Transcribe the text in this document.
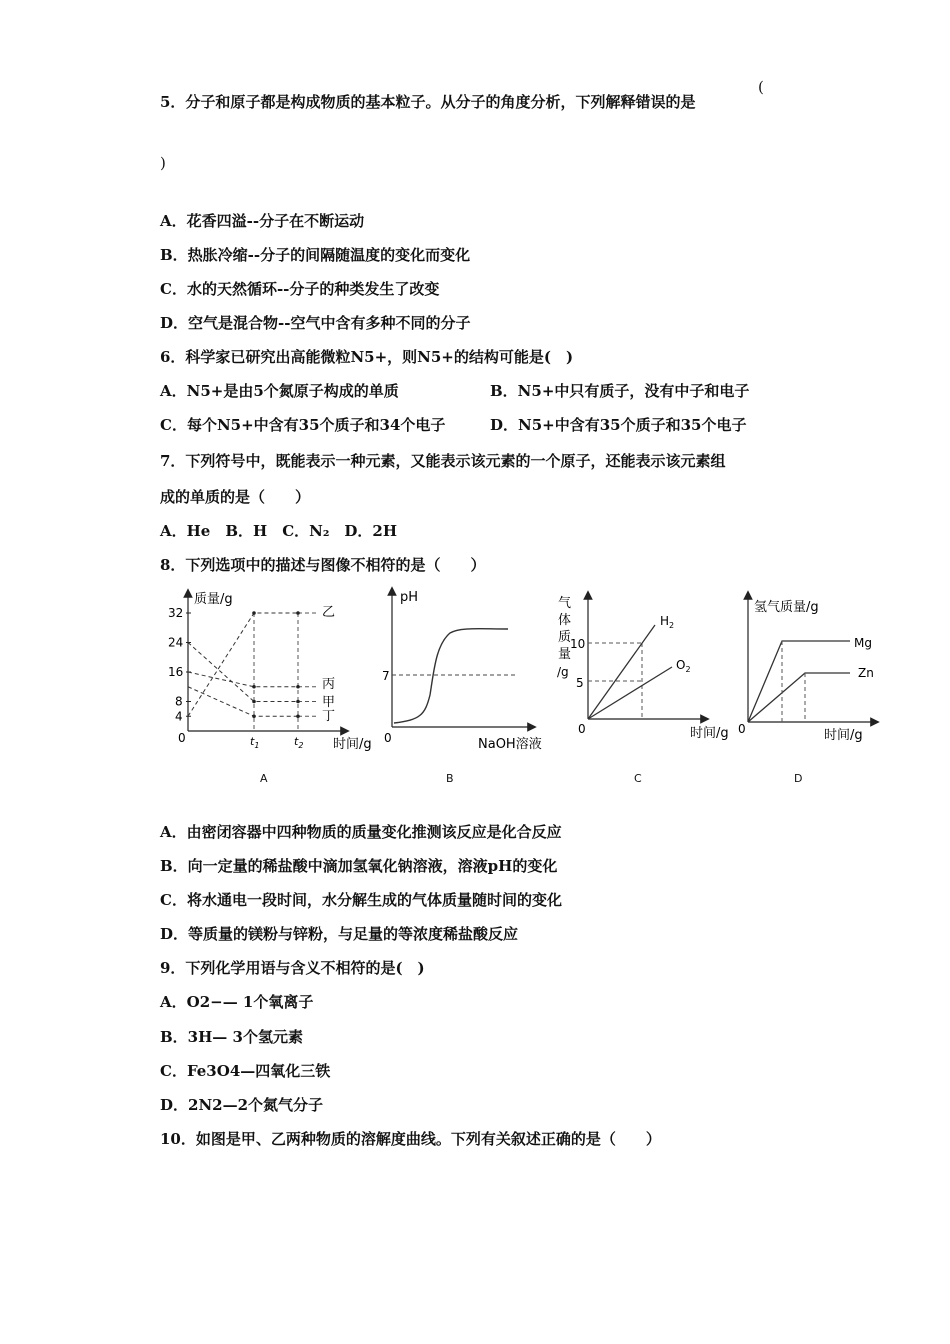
5．分子和原子都是构成物质的基本粒子。从分子的角度分析，下列解释错误的是
(
)
A．花香四溢--分子在不断运动
B．热胀冷缩--分子的间隔随温度的变化而变化
C．水的天然循环--分子的种类发生了改变
D．空气是混合物--空气中含有多种不同的分子
6．科学家已研究出高能微粒N5+，则N5+的结构可能是(　)
A．N5+是由5个氮原子构成的单质	B．N5+中只有质子，没有中子和电子
C．每个N5+中含有35个质子和34个电子	D．N5+中含有35个质子和35个电子
7．下列符号中，既能表示一种元素，又能表示该元素的一个原子，还能表示该元素组
成的单质的是（　　）
A．He　B．H　C．N₂　D．2H
8．下列选项中的描述与图像不相符的是（　　）
质量/g
时间/g
0
4
8
16
24
32
$t_1$	$t_2$
乙
丙
甲
丁
pH
NaOH溶液
0
7
气体质量/g
时间/g
0
10
5
$H_2$
$O_2$
氢气质量/g
时间/g
0
Mg
Zn
A	B	C	D
A．由密闭容器中四种物质的质量变化推测该反应是化合反应
B．向一定量的稀盐酸中滴加氢氧化钠溶液，溶液pH的变化
C．将水通电一段时间，水分解生成的气体质量随时间的变化
D．等质量的镁粉与锌粉，与足量的等浓度稀盐酸反应
9．下列化学用语与含义不相符的是(　)
A．O2−— 1个氧离子
B．3H— 3个氢元素
C．Fe3O4—四氧化三铁
D．2N2—2个氮气分子
10．如图是甲、乙两种物质的溶解度曲线。下列有关叙述正确的是（　　）
